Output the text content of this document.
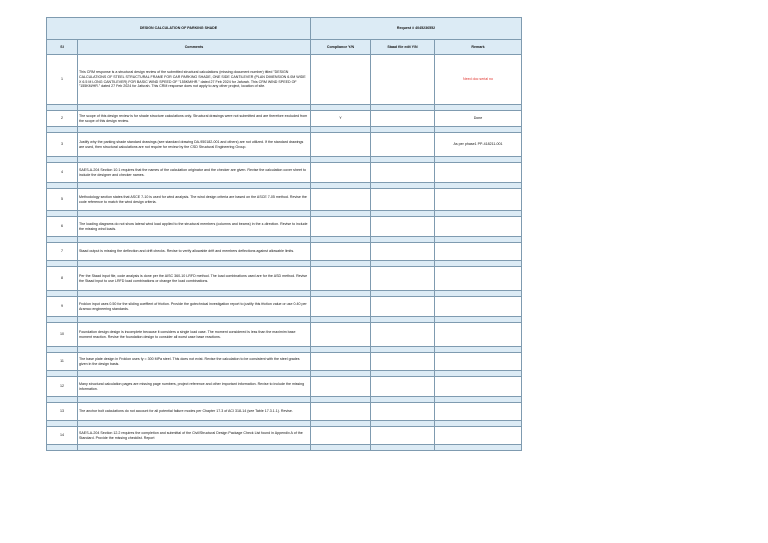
DESIGN CALCULATION OF PARKING SHADE		Request # 4045236552		
Sl	Comments	Compliance Y/N	Staad file edit Y/N	Remark
1	This CRM response is a structural design review of the submitted structural calculations (missing document number) titled "DESIGN CALCULATIONS OF STEEL STRUCTURAL FRAME FOR CAR PARKING SHADE, ONE SIDE CANTILEVER (PLAN DIMENSION 6.0M WIDE X 6.5 M LONG CANTILEVER) FOR BASIC WIND SPEED OF "155KM/HR." dated 27 Feb 2024 for Jafurah. This CRM WIND SPEED OF "155KM/HR." dated 27 Feb 2024 for Jafurah. This CRM response does not apply to any other project, location of site.			Need doc serial no

2	The scope of this design review is for shade structure calculations only. Structural drawings were not submitted and are therefore excluded from the scope of this design review.	Y		Done

3	Justify why the parking shade standard drawings (see standard drawing DA-950182-001 and others) are not utilized. If the standard drawings are used, then structural calculations are not require for review by the CSD Structural Engineering Group.			As per phase1 PP-418211-001

4	SAES-A-204 Section 10.1 requires that the names of the calculation originator and the checker are given. Revise the calculation cover sheet to include the designer and checker names.			

5	Methodology section states that ASCE 7-10 is used for wind analysis. The wind design criteria are based on the ASCE 7-05 method. Revise the code reference to match the wind design criteria.			

6	The loading diagrams do not show lateral wind load applied to the structural members (columns and beams) in the z-direction. Revise to include the missing wind loads.			

7	Staad output is missing the deflection and drift checks. Revise to verify allowable drift and members deflections against allowable limits.			

8	Per the Staad input file, code analysis is done per the AISC 360-10 LRFD method. The load combinations used are for the ASD method. Revise the Staad input to use LRFD load combinations or change the load combinations.			

9	Froklon input uses 0.50 for the sliding coeffient of friction. Provide the gotechnical investigation report to justify this friction value or use 0.40 per Aramco engineering standards.			

10	Foundation design design is incomplete because it considers a single load case. The moment considered is less than the maximim base moment reaction. Revise the foundation design to consider all worst case base reactions.			

11	The base plate design in Froklon uses fy = 300 MPa steel. This does not exist. Revise the calculation to be consistent with the steel grades given in the design basis.			

12	Many structural calculation pages are missing page numbers, project reference and other important information. Revise to include the missing information.			

13	The anchor bolt calculations do not account for all potential failure modes per Chapter 17.3 of ACI 318-14 (see Table 17.3.1.1). Revise.			

14	SAES-A-204 Section 12.2 requires the completion and submittal of the Civil/Structural Design Package Check List found in Appendix A of the Standard. Provide the missing checklist. Report			
